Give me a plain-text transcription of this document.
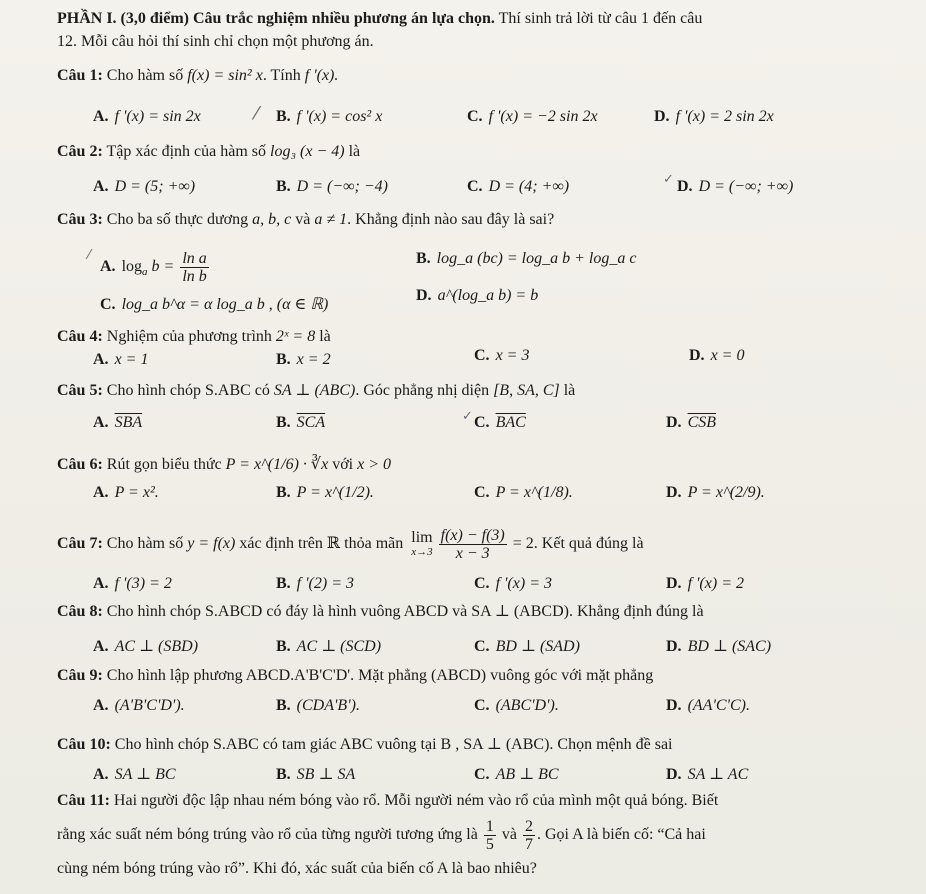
PHẦN I. (3,0 điểm) Câu trắc nghiệm nhiều phương án lựa chọn. Thí sinh trả lời từ câu 1 đến câu
12. Mỗi câu hỏi thí sinh chỉ chọn một phương án.
Câu 1: Cho hàm số f(x) = sin² x. Tính f '(x).
A. f '(x) = sin 2x	B. f '(x) = cos² x	C. f '(x) = −2 sin 2x	D. f '(x) = 2 sin 2x
⁄
Câu 2: Tập xác định của hàm số log₃ (x − 4) là
A. D = (5; +∞)	B. D = (−∞; −4)	C. D = (4; +∞)	D. D = (−∞; +∞)
✓
Câu 3: Cho ba số thực dương a, b, c và a ≠ 1. Khẳng định nào sau đây là sai?
A. $\log_a b = \frac{\text{ln a}}{\text{ln b}}$	B. log_a (bc) = log_a b + log_a c
C. log_a b^α = α log_a b , (α ∈ ℝ)
D. a^(log_a b) = b
⁄
Câu 4: Nghiệm của phương trình 2ˣ = 8 là
A. x = 1	B. x = 2	C. x = 3	D. x = 0
Câu 5: Cho hình chóp S.ABC có SA ⊥ (ABC). Góc phẳng nhị diện [B, SA, C] là
A. $\overline{SBA}$	B. $\overline{SCA}$	C. $\overline{BAC}$	D. $\overline{CSB}$
✓
Câu 6: Rút gọn biểu thức P = x^(1/6) · ∛x với x > 0
A. P = x².	B. P = x^(1/2).	C. P = x^(1/8).	D. P = x^(2/9).
Câu 7: Cho hàm số y = f(x) xác định trên ℝ thỏa mãn lim
$x\to 3 \frac{f(x) - f(3)}{x - 3} = 2$. Kết quả đúng là
A. f '(3) = 2	B. f '(2) = 3	C. f '(x) = 3	D. f '(x) = 2
Câu 8: Cho hình chóp S.ABCD có đáy là hình vuông ABCD và SA ⊥ (ABCD). Khẳng định đúng là
A. AC ⊥ (SBD)	B. AC ⊥ (SCD)	C. BD ⊥ (SAD)	D. BD ⊥ (SAC)
Câu 9: Cho hình lập phương ABCD.A'B'C'D'. Mặt phẳng (ABCD) vuông góc với mặt phẳng
A. (A'B'C'D').	B. (CDA'B').	C. (ABC'D').	D. (AA'C'C).
Câu 10: Cho hình chóp S.ABC có tam giác ABC vuông tại B , SA ⊥ (ABC). Chọn mệnh đề sai
A. SA ⊥ BC	B. SB ⊥ SA	C. AB ⊥ BC	D. SA ⊥ AC
Câu 11: Hai người độc lập nhau ném bóng vào rổ. Mỗi người ném vào rổ của mình một quả bóng. Biết
rằng xác suất ném bóng trúng vào rổ của từng người tương ứng là $\frac{1}{5}$ và $\frac{2}{7}$ . Gọi A là biến cố: “Cả hai
cùng ném bóng trúng vào rổ”. Khi đó, xác suất của biến cố A là bao nhiêu?
